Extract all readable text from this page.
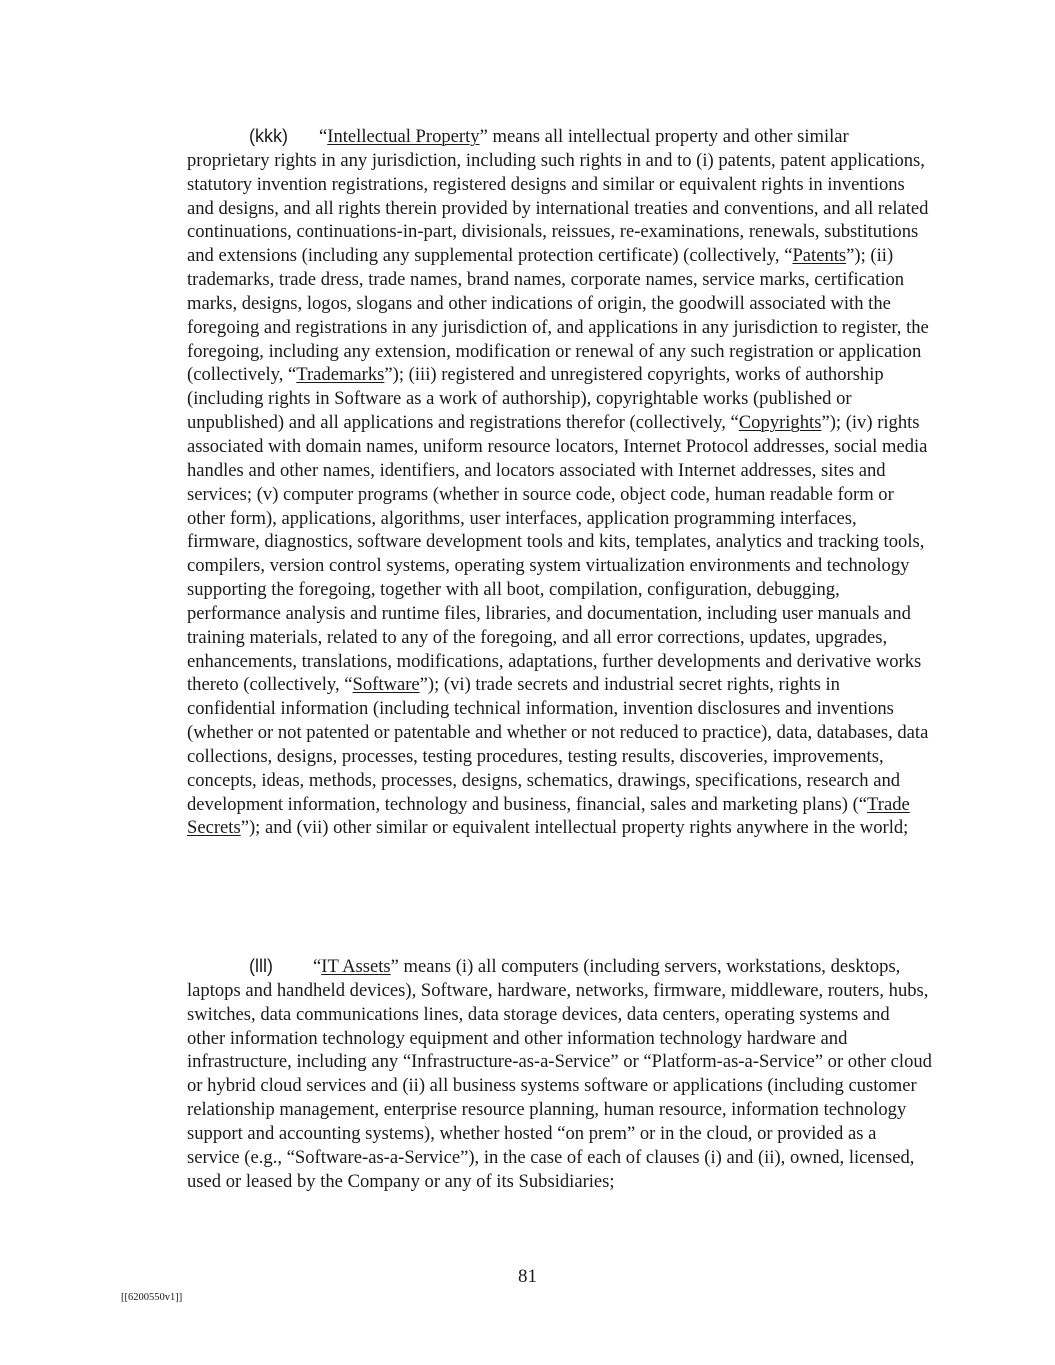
(kkk) “Intellectual Property” means all intellectual property and other similar proprietary rights in any jurisdiction, including such rights in and to (i) patents, patent applications, statutory invention registrations, registered designs and similar or equivalent rights in inventions and designs, and all rights therein provided by international treaties and conventions, and all related continuations, continuations-in-part, divisionals, reissues, re-examinations, renewals, substitutions and extensions (including any supplemental protection certificate) (collectively, “Patents”); (ii) trademarks, trade dress, trade names, brand names, corporate names, service marks, certification marks, designs, logos, slogans and other indications of origin, the goodwill associated with the foregoing and registrations in any jurisdiction of, and applications in any jurisdiction to register, the foregoing, including any extension, modification or renewal of any such registration or application (collectively, “Trademarks”); (iii) registered and unregistered copyrights, works of authorship (including rights in Software as a work of authorship), copyrightable works (published or unpublished) and all applications and registrations therefor (collectively, “Copyrights”); (iv) rights associated with domain names, uniform resource locators, Internet Protocol addresses, social media handles and other names, identifiers, and locators associated with Internet addresses, sites and services; (v) computer programs (whether in source code, object code, human readable form or other form), applications, algorithms, user interfaces, application programming interfaces, firmware, diagnostics, software development tools and kits, templates, analytics and tracking tools, compilers, version control systems, operating system virtualization environments and technology supporting the foregoing, together with all boot, compilation, configuration, debugging, performance analysis and runtime files, libraries, and documentation, including user manuals and training materials, related to any of the foregoing, and all error corrections, updates, upgrades, enhancements, translations, modifications, adaptations, further developments and derivative works thereto (collectively, “Software”); (vi) trade secrets and industrial secret rights, rights in confidential information (including technical information, invention disclosures and inventions (whether or not patented or patentable and whether or not reduced to practice), data, databases, data collections, designs, processes, testing procedures, testing results, discoveries, improvements, concepts, ideas, methods, processes, designs, schematics, drawings, specifications, research and development information, technology and business, financial, sales and marketing plans) (“Trade Secrets”); and (vii) other similar or equivalent intellectual property rights anywhere in the world;

(lll) “IT Assets” means (i) all computers (including servers, workstations, desktops, laptops and handheld devices), Software, hardware, networks, firmware, middleware, routers, hubs, switches, data communications lines, data storage devices, data centers, operating systems and other information technology equipment and other information technology hardware and infrastructure, including any “Infrastructure-as-a-Service” or “Platform-as-a-Service” or other cloud or hybrid cloud services and (ii) all business systems software or applications (including customer relationship management, enterprise resource planning, human resource, information technology support and accounting systems), whether hosted “on prem” or in the cloud, or provided as a service (e.g., “Software-as-a-Service”), in the case of each of clauses (i) and (ii), owned, licensed, used or leased by the Company or any of its Subsidiaries;

81
[[6200550v1]]
